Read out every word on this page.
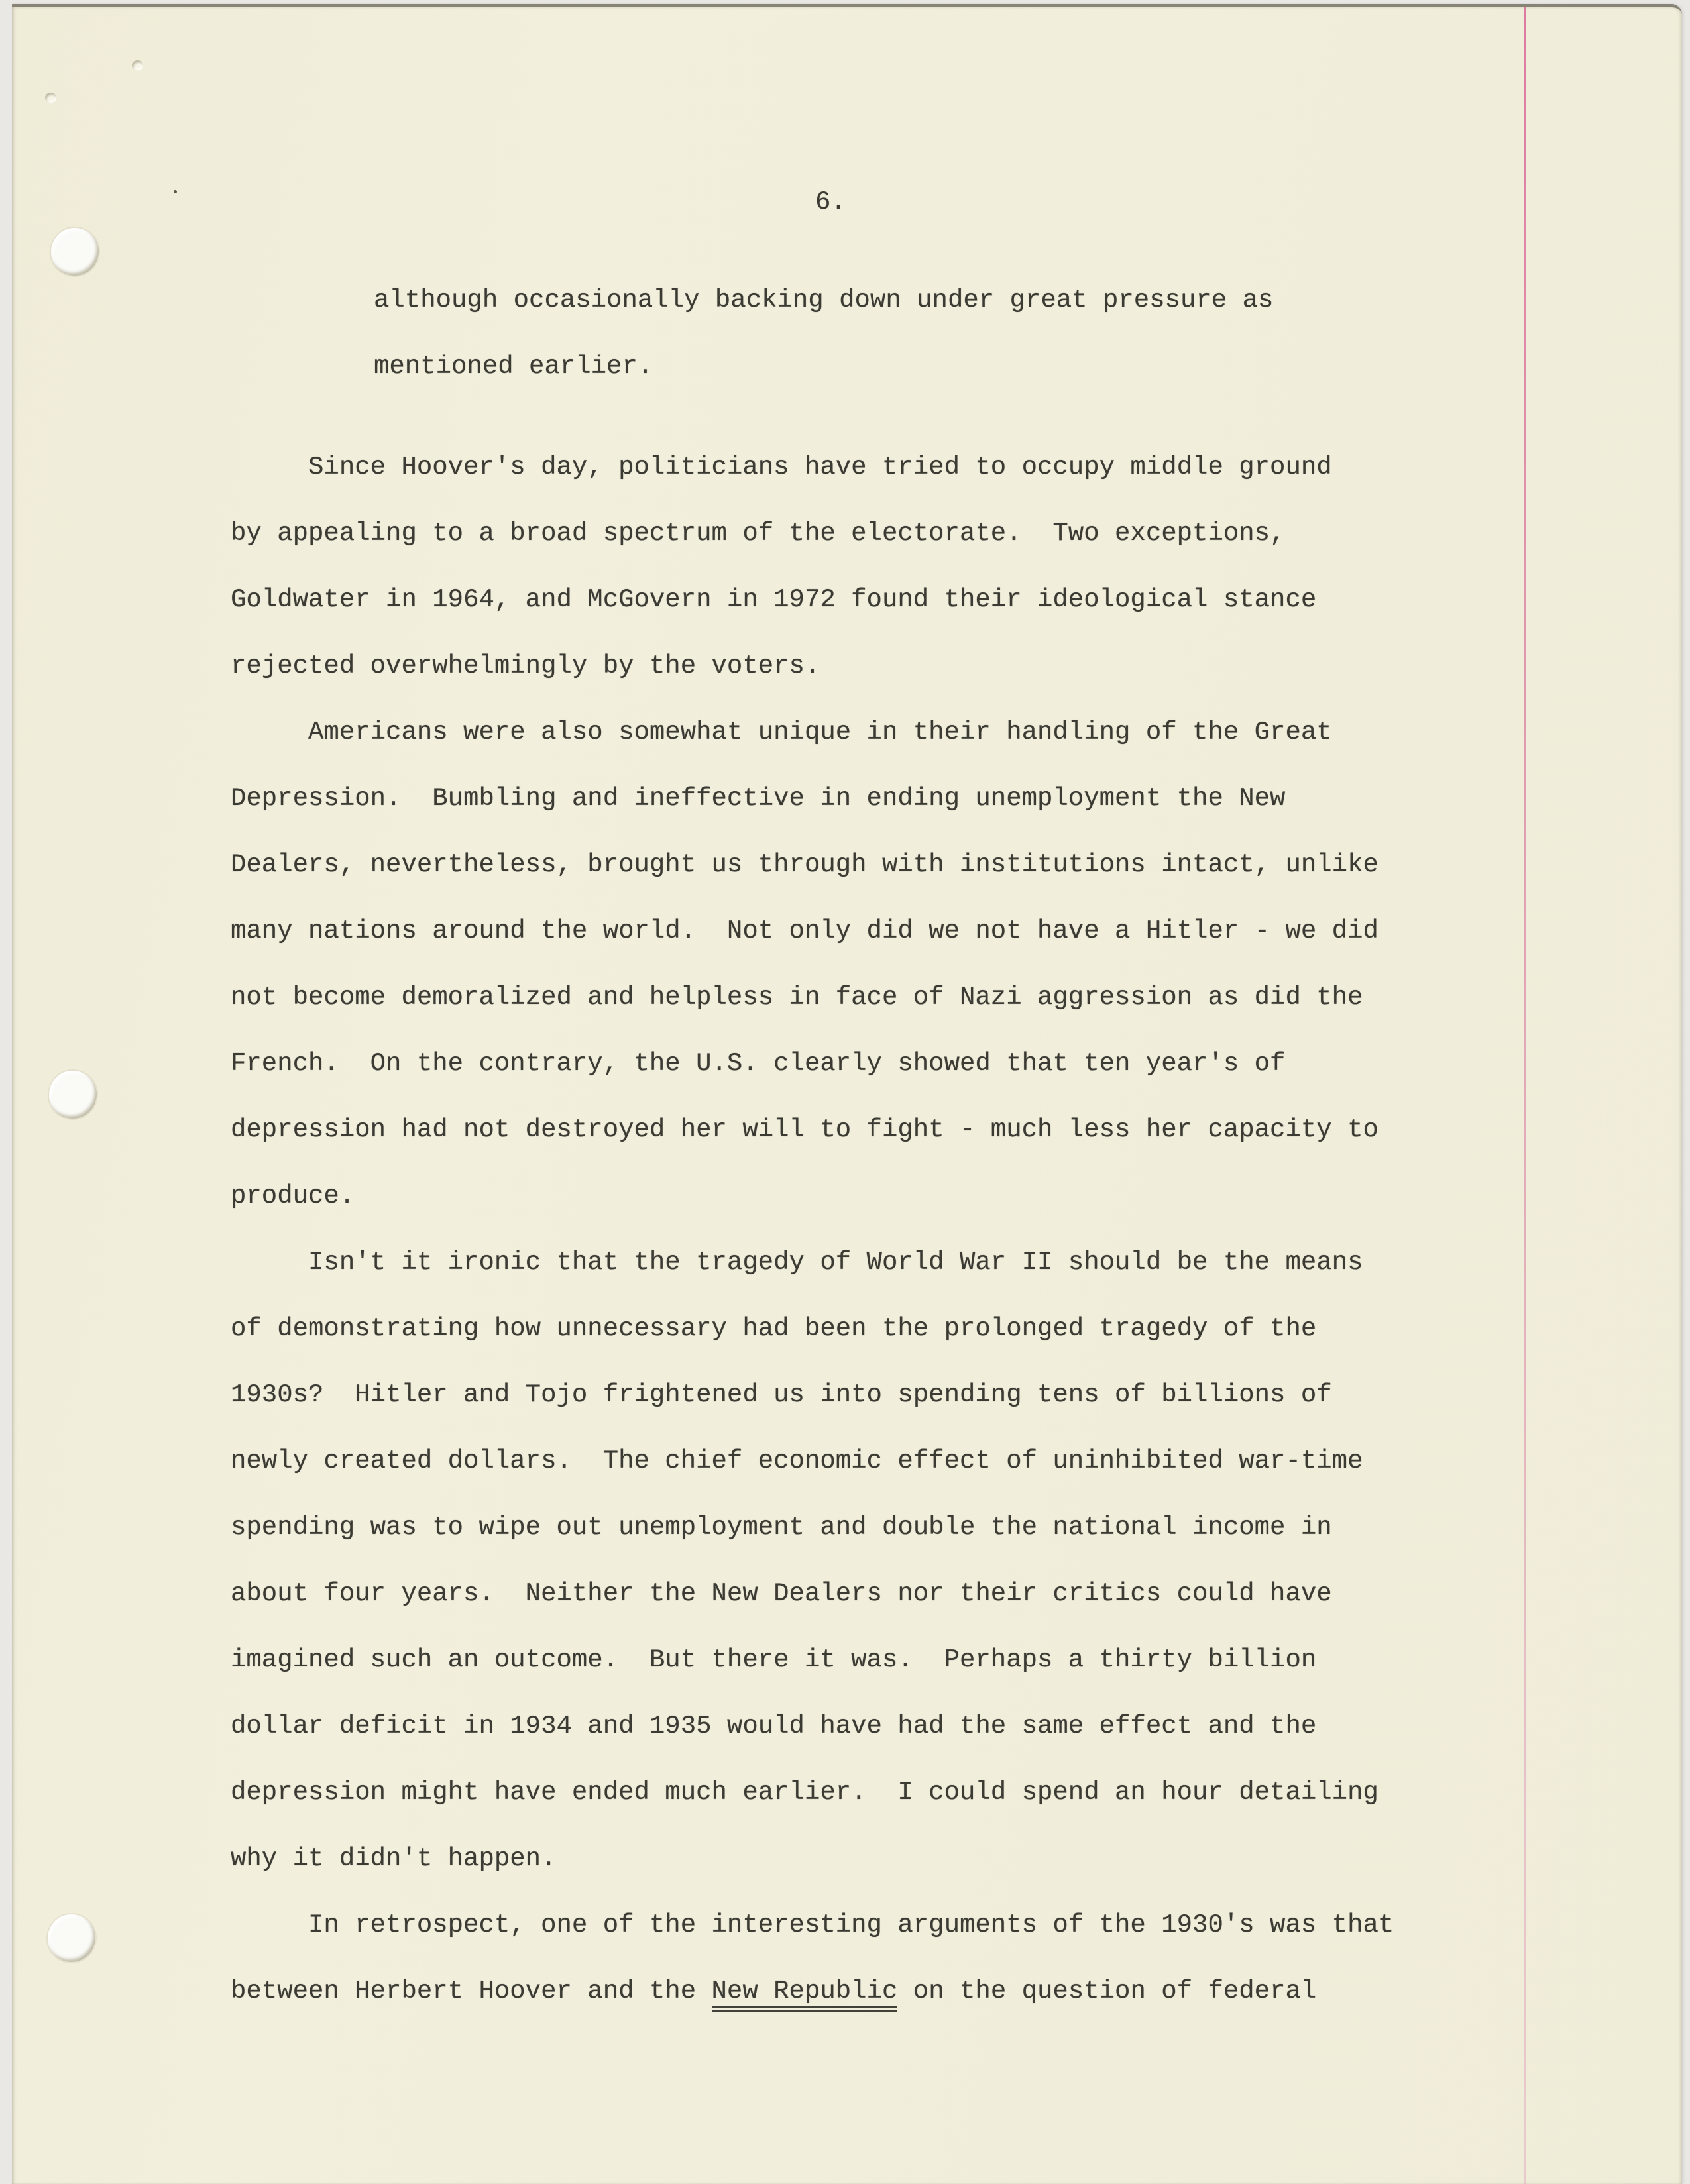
6.
although occasionally backing down under great pressure as
mentioned earlier.
Since Hoover's day, politicians have tried to occupy middle ground
by appealing to a broad spectrum of the electorate.  Two exceptions,
Goldwater in 1964, and McGovern in 1972 found their ideological stance
rejected overwhelmingly by the voters.
Americans were also somewhat unique in their handling of the Great
Depression.  Bumbling and ineffective in ending unemployment the New
Dealers, nevertheless, brought us through with institutions intact, unlike
many nations around the world.  Not only did we not have a Hitler - we did
not become demoralized and helpless in face of Nazi aggression as did the
French.  On the contrary, the U.S. clearly showed that ten year's of
depression had not destroyed her will to fight - much less her capacity to
produce.
Isn't it ironic that the tragedy of World War II should be the means
of demonstrating how unnecessary had been the prolonged tragedy of the
1930s?  Hitler and Tojo frightened us into spending tens of billions of
newly created dollars.  The chief economic effect of uninhibited war-time
spending was to wipe out unemployment and double the national income in
about four years.  Neither the New Dealers nor their critics could have
imagined such an outcome.  But there it was.  Perhaps a thirty billion
dollar deficit in 1934 and 1935 would have had the same effect and the
depression might have ended much earlier.  I could spend an hour detailing
why it didn't happen.
In retrospect, one of the interesting arguments of the 1930's was that
between Herbert Hoover and the New Republic on the question of federal
